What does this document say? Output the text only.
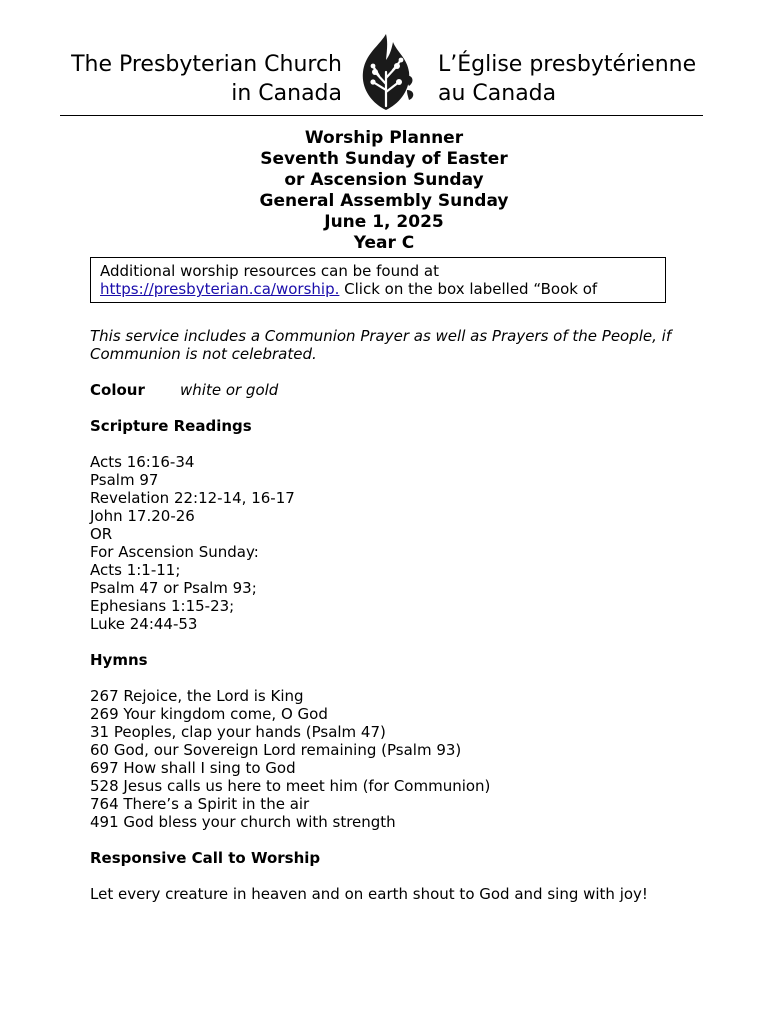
The Presbyterian Church
in Canada
L’Église presbytérienne
au Canada
Worship Planner
Seventh Sunday of Easter
or Ascension Sunday
General Assembly Sunday
June 1, 2025
Year C
Additional worship resources can be found at
https://presbyterian.ca/worship. Click on the box labelled “Book of

This service includes a Communion Prayer as well as Prayers of the People, if Communion is not celebrated.

Colour white or gold
Scripture Readings
Acts 16:16-34
Psalm 97
Revelation 22:12-14, 16-17
John 17.20-26
OR
For Ascension Sunday:
Acts 1:1-11;
Psalm 47 or Psalm 93;
Ephesians 1:15-23;
Luke 24:44-53
Hymns
267 Rejoice, the Lord is King
269 Your kingdom come, O God
31 Peoples, clap your hands (Psalm 47)
60 God, our Sovereign Lord remaining (Psalm 93)
697 How shall I sing to God
528 Jesus calls us here to meet him (for Communion)
764 There’s a Spirit in the air
491 God bless your church with strength
Responsive Call to Worship

Let every creature in heaven and on earth shout to God and sing with joy!
